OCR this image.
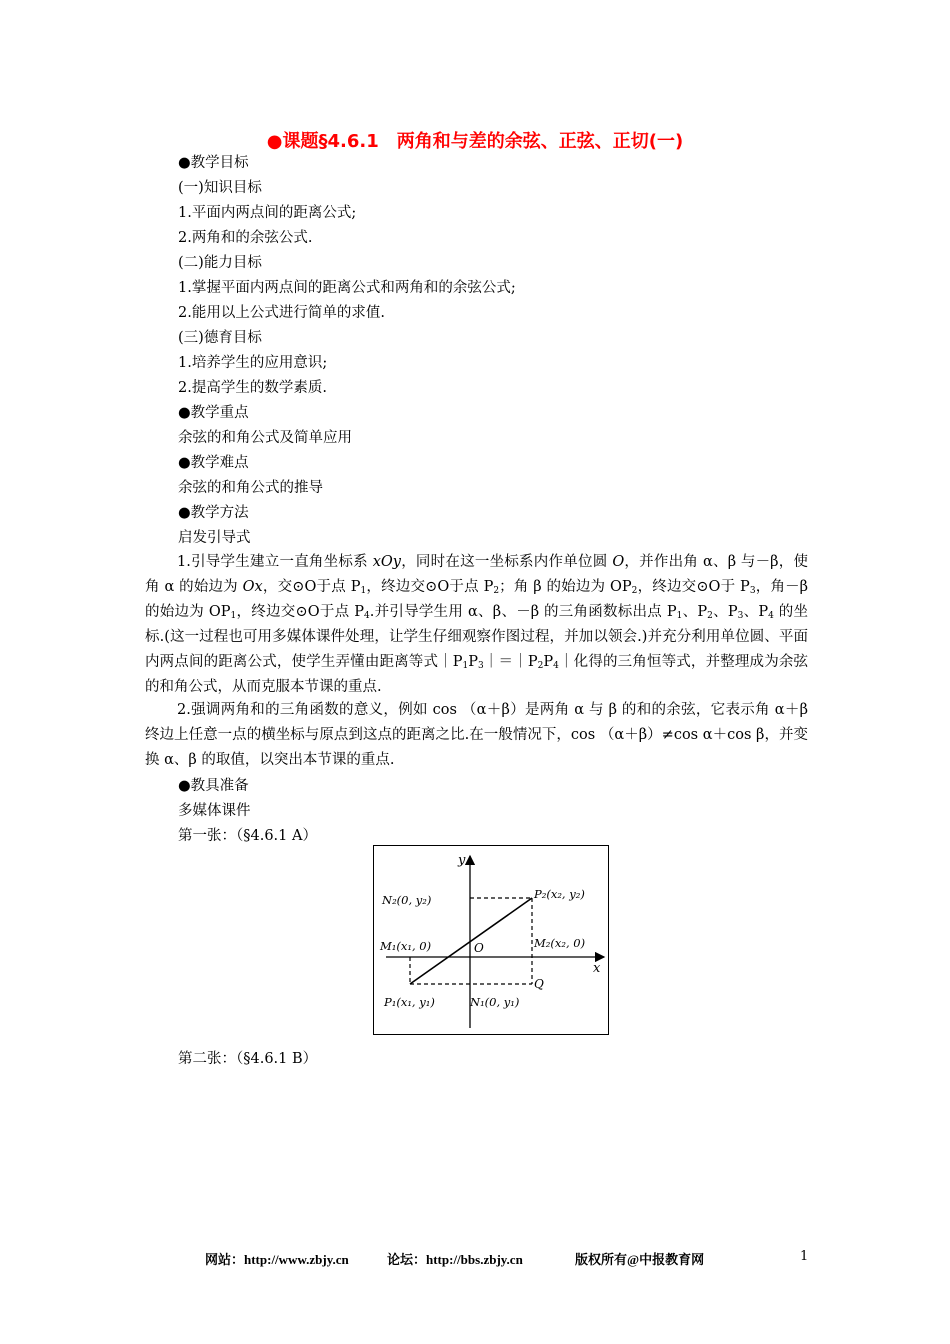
●课题§4.6.1　两角和与差的余弦、正弦、正切(一)
●教学目标
(一)知识目标
1.平面内两点间的距离公式;
2.两角和的余弦公式.
(二)能力目标
1.掌握平面内两点间的距离公式和两角和的余弦公式;
2.能用以上公式进行简单的求值.
(三)德育目标
1.培养学生的应用意识;
2.提高学生的数学素质.
●教学重点
余弦的和角公式及简单应用
●教学难点
余弦的和角公式的推导
●教学方法
启发引导式
1.引导学生建立一直角坐标系 xOy，同时在这一坐标系内作单位圆 O，并作出角 α、β 与－β，使角 α 的始边为 Ox，交⊙O于点 $P_1$，终边交⊙O于点 $P_2$；角 β 的始边为 $OP_2$，终边交⊙O于 $P_3$，角－β 的始边为 $OP_1$，终边交⊙O于点 $P_4$.并引导学生用 α、β、－β 的三角函数标出点 $P_1$、$P_2$、$P_3$、$P_4$ 的坐标.(这一过程也可用多媒体课件处理，让学生仔细观察作图过程，并加以领会.)并充分利用单位圆、平面内两点间的距离公式，使学生弄懂由距离等式$|P_1P_3|=|P_2P_4|$化得的三角恒等式，并整理成为余弦的和角公式，从而克服本节课的重点.
2.强调两角和的三角函数的意义，例如 cos （α＋β）是两角 α 与 β 的和的余弦，它表示角 α＋β 终边上任意一点的横坐标与原点到这点的距离之比.在一般情况下，cos （α＋β）≠cos α＋cos β，并变换 α、β 的取值，以突出本节课的重点.
●教具准备
多媒体课件
第一张：（§4.6.1 A）
y
x
O
P₂(x₂, y₂)
N₂(0, y₂)
M₁(x₁, 0)	M₂(x₂, 0)
P₁(x₁, y₁)	N₁(0, y₁)
Q
第二张：（§4.6.1 B）
网站：http://www.zbjy.cn	论坛：http://bbs.zbjy.cn	版权所有@中报教育网	1
